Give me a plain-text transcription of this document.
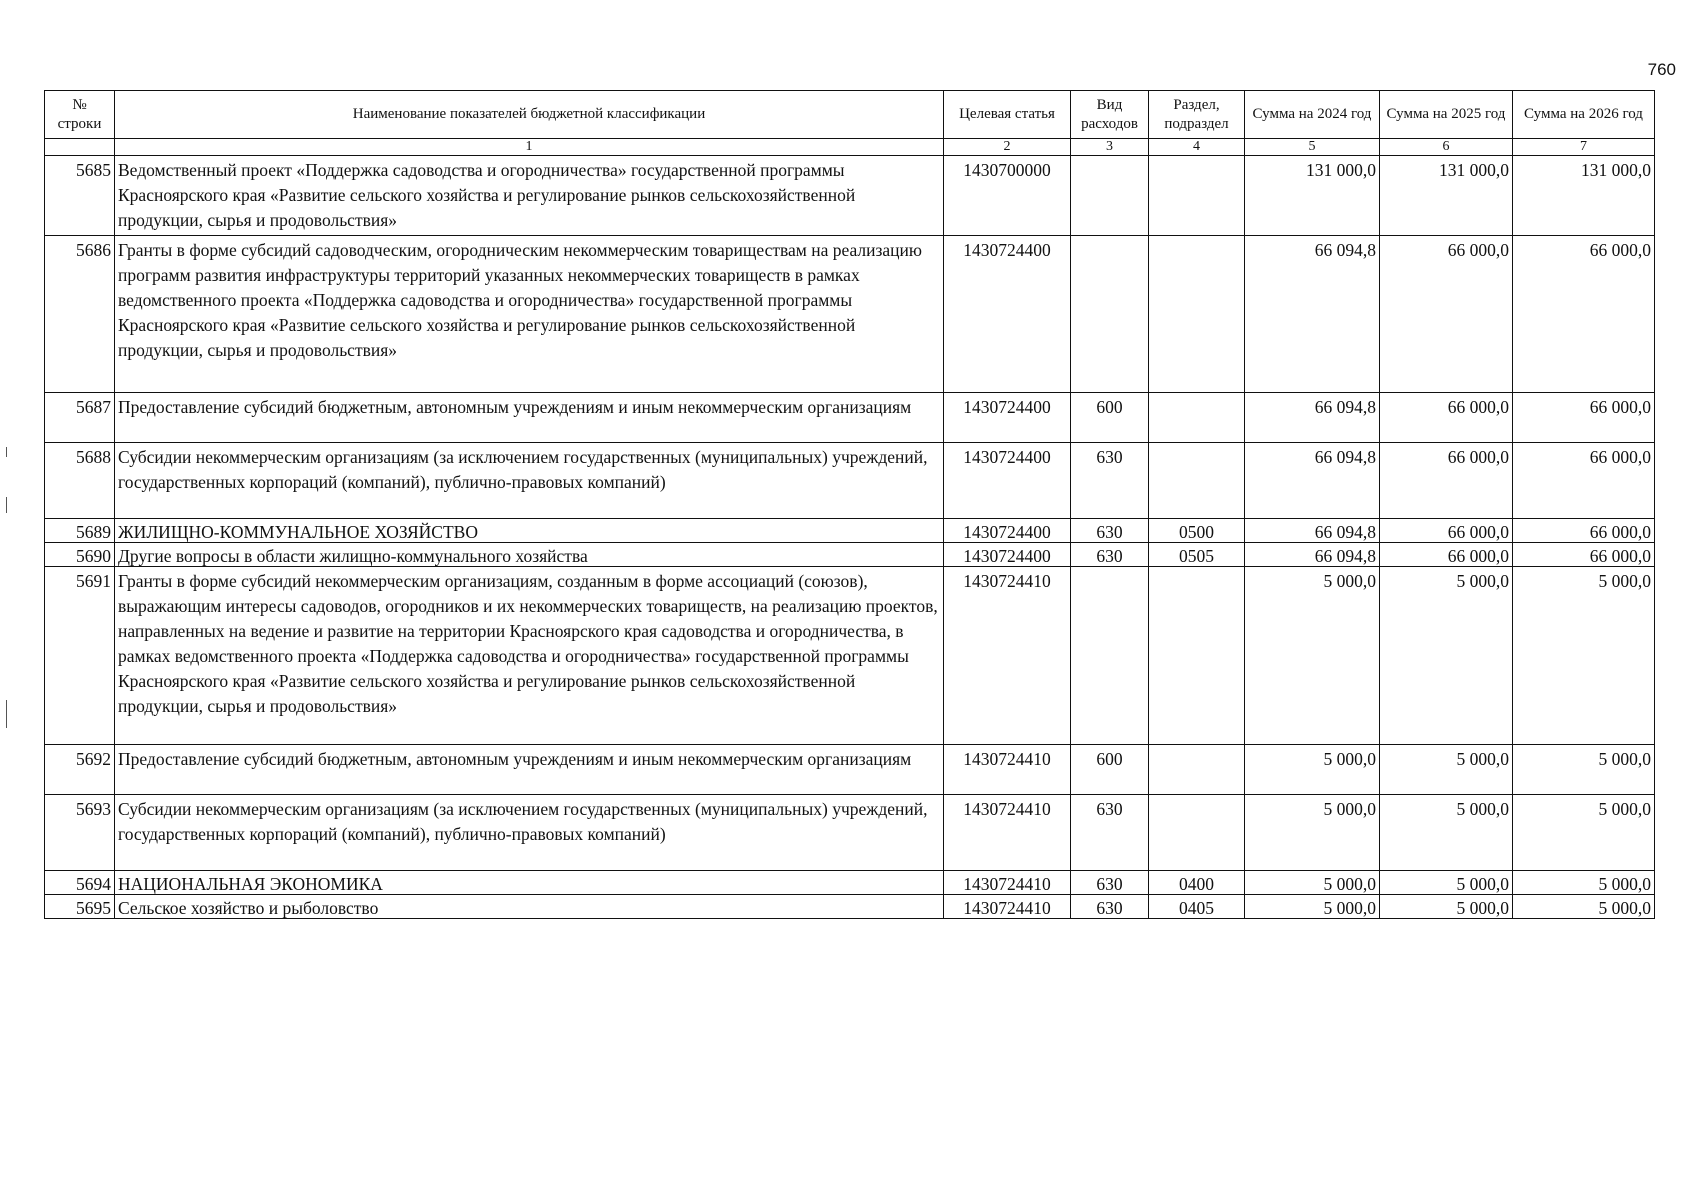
760
№
строки	Наименование показателей бюджетной классификации	Целевая статья	Вид расходов	Раздел, подраздел	Сумма на 2024 год	Сумма на 2025 год	Сумма на 2026 год
	1	2	3	4	5	6	7
5685	Ведомственный проект «Поддержка садоводства и огородничества» государственной программы Красноярского края «Развитие сельского хозяйства и регулирование рынков сельскохозяйственной продукции, сырья и продовольствия»	1430700000			131 000,0	131 000,0	131 000,0
5686	Гранты в форме субсидий садоводческим, огородническим некоммерческим товариществам на реализацию программ развития инфраструктуры территорий указанных некоммерческих товариществ в рамках ведомственного проекта «Поддержка садоводства и огородничества» государственной программы Красноярского края «Развитие сельского хозяйства и регулирование рынков сельскохозяйственной продукции, сырья и продовольствия»	1430724400			66 094,8	66 000,0	66 000,0
5687	Предоставление субсидий бюджетным, автономным учреждениям и иным некоммерческим организациям	1430724400	600		66 094,8	66 000,0	66 000,0
5688	Субсидии некоммерческим организациям (за исключением государственных (муниципальных) учреждений, государственных корпораций (компаний), публично-правовых компаний)	1430724400	630		66 094,8	66 000,0	66 000,0
5689	ЖИЛИЩНО-КОММУНАЛЬНОЕ ХОЗЯЙСТВО	1430724400	630	0500	66 094,8	66 000,0	66 000,0
5690	Другие вопросы в области жилищно-коммунального хозяйства	1430724400	630	0505	66 094,8	66 000,0	66 000,0
5691	Гранты в форме субсидий некоммерческим организациям, созданным в форме ассоциаций (союзов), выражающим интересы садоводов, огородников и их некоммерческих товариществ, на реализацию проектов, направленных на ведение и развитие на территории Красноярского края садоводства и огородничества, в рамках ведомственного проекта «Поддержка садоводства и огородничества» государственной программы Красноярского края «Развитие сельского хозяйства и регулирование рынков сельскохозяйственной продукции, сырья и продовольствия»	1430724410			5 000,0	5 000,0	5 000,0
5692	Предоставление субсидий бюджетным, автономным учреждениям и иным некоммерческим организациям	1430724410	600		5 000,0	5 000,0	5 000,0
5693	Субсидии некоммерческим организациям (за исключением государственных (муниципальных) учреждений, государственных корпораций (компаний), публично-правовых компаний)	1430724410	630		5 000,0	5 000,0	5 000,0
5694	НАЦИОНАЛЬНАЯ ЭКОНОМИКА	1430724410	630	0400	5 000,0	5 000,0	5 000,0
5695	Сельское хозяйство и рыболовство	1430724410	630	0405	5 000,0	5 000,0	5 000,0
